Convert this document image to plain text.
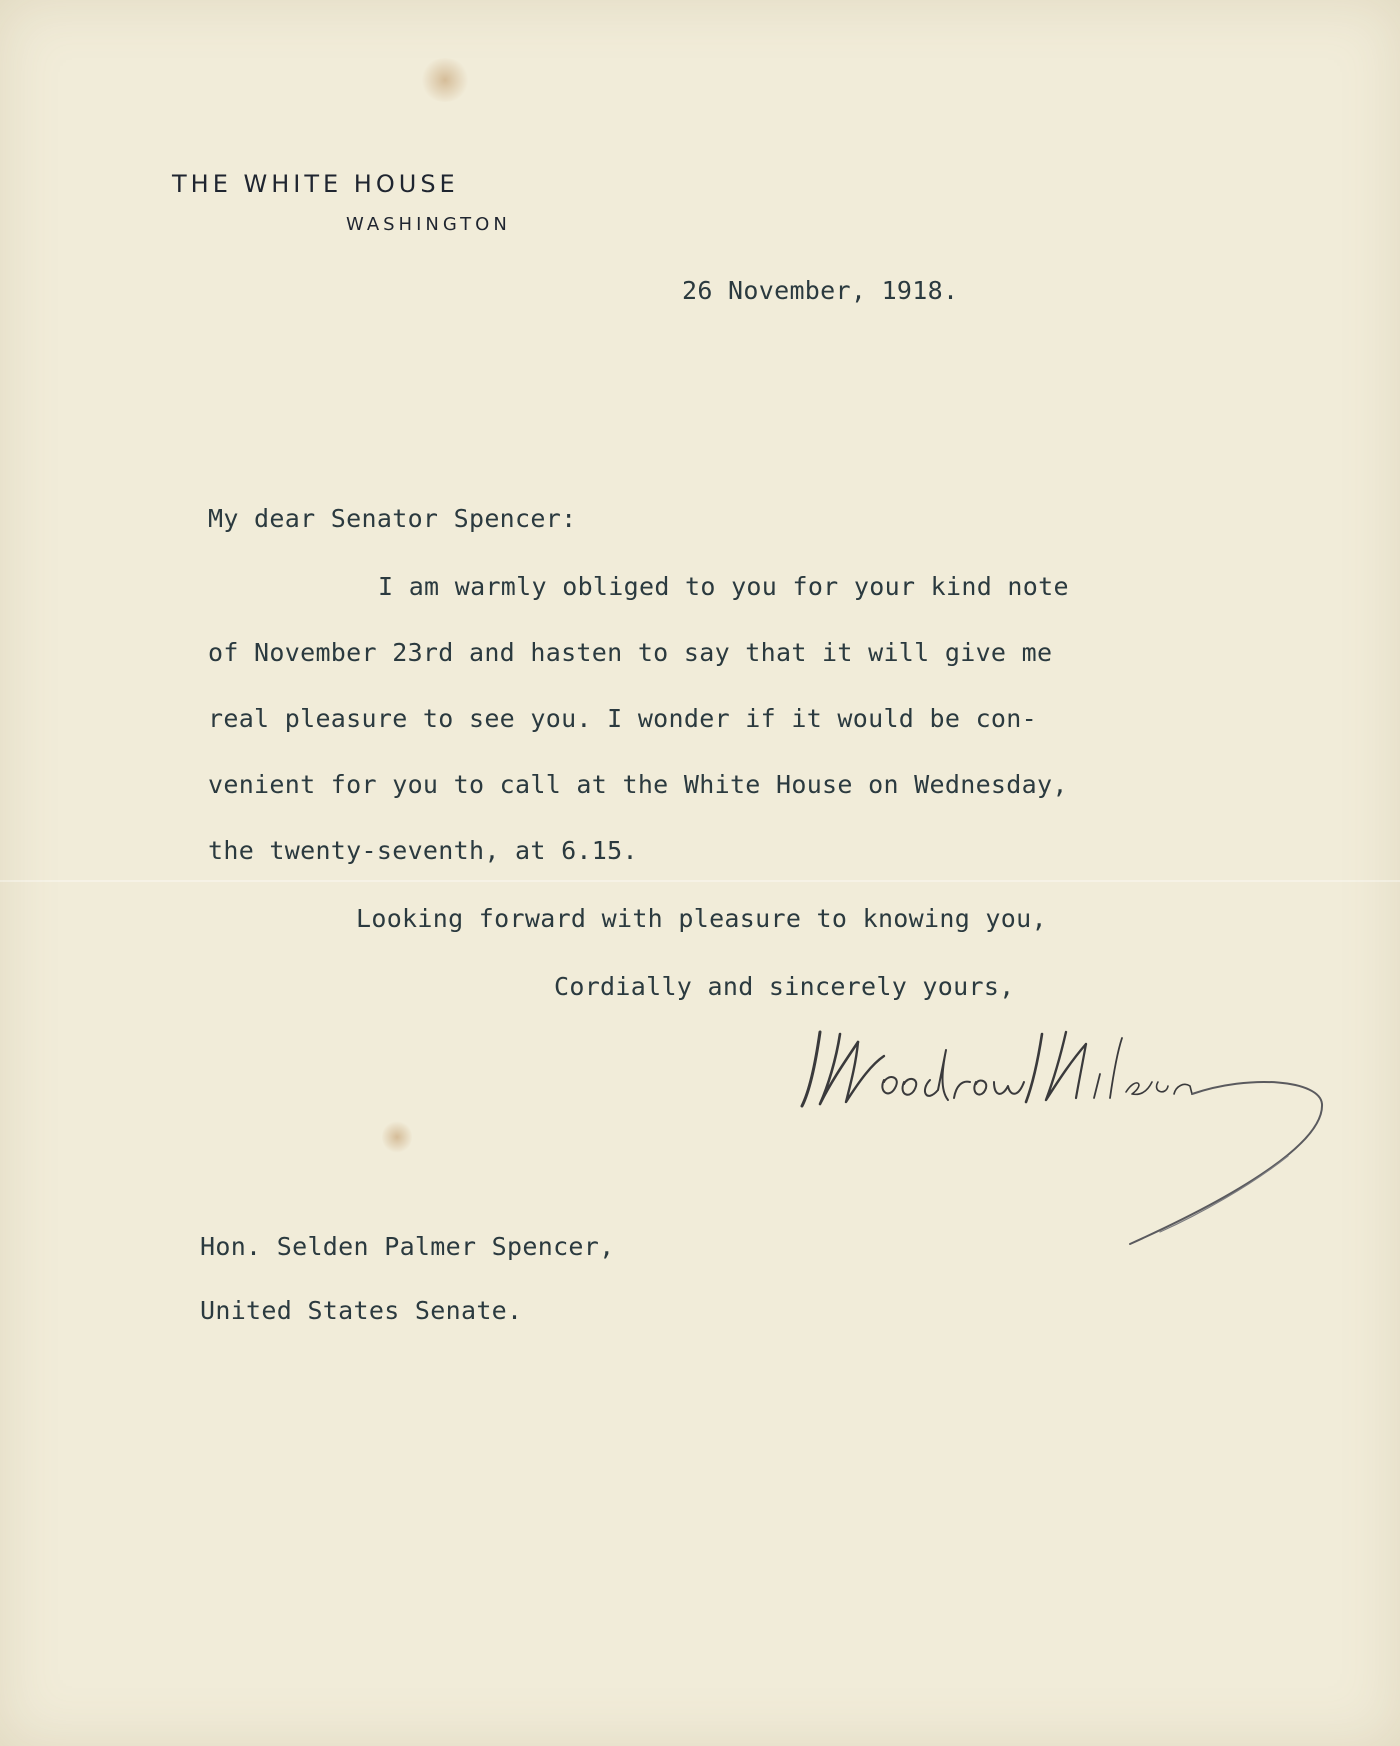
THE WHITE HOUSE
WASHINGTON
26 November, 1918.
My dear Senator Spencer:
I am warmly obliged to you for your kind note
of November 23rd and hasten to say that it will give me
real pleasure to see you. I wonder if it would be con-
venient for you to call at the White House on Wednesday,
the twenty-seventh, at 6.15.
Looking forward with pleasure to knowing you,
Cordially and sincerely yours,
Hon. Selden Palmer Spencer,
United States Senate.
